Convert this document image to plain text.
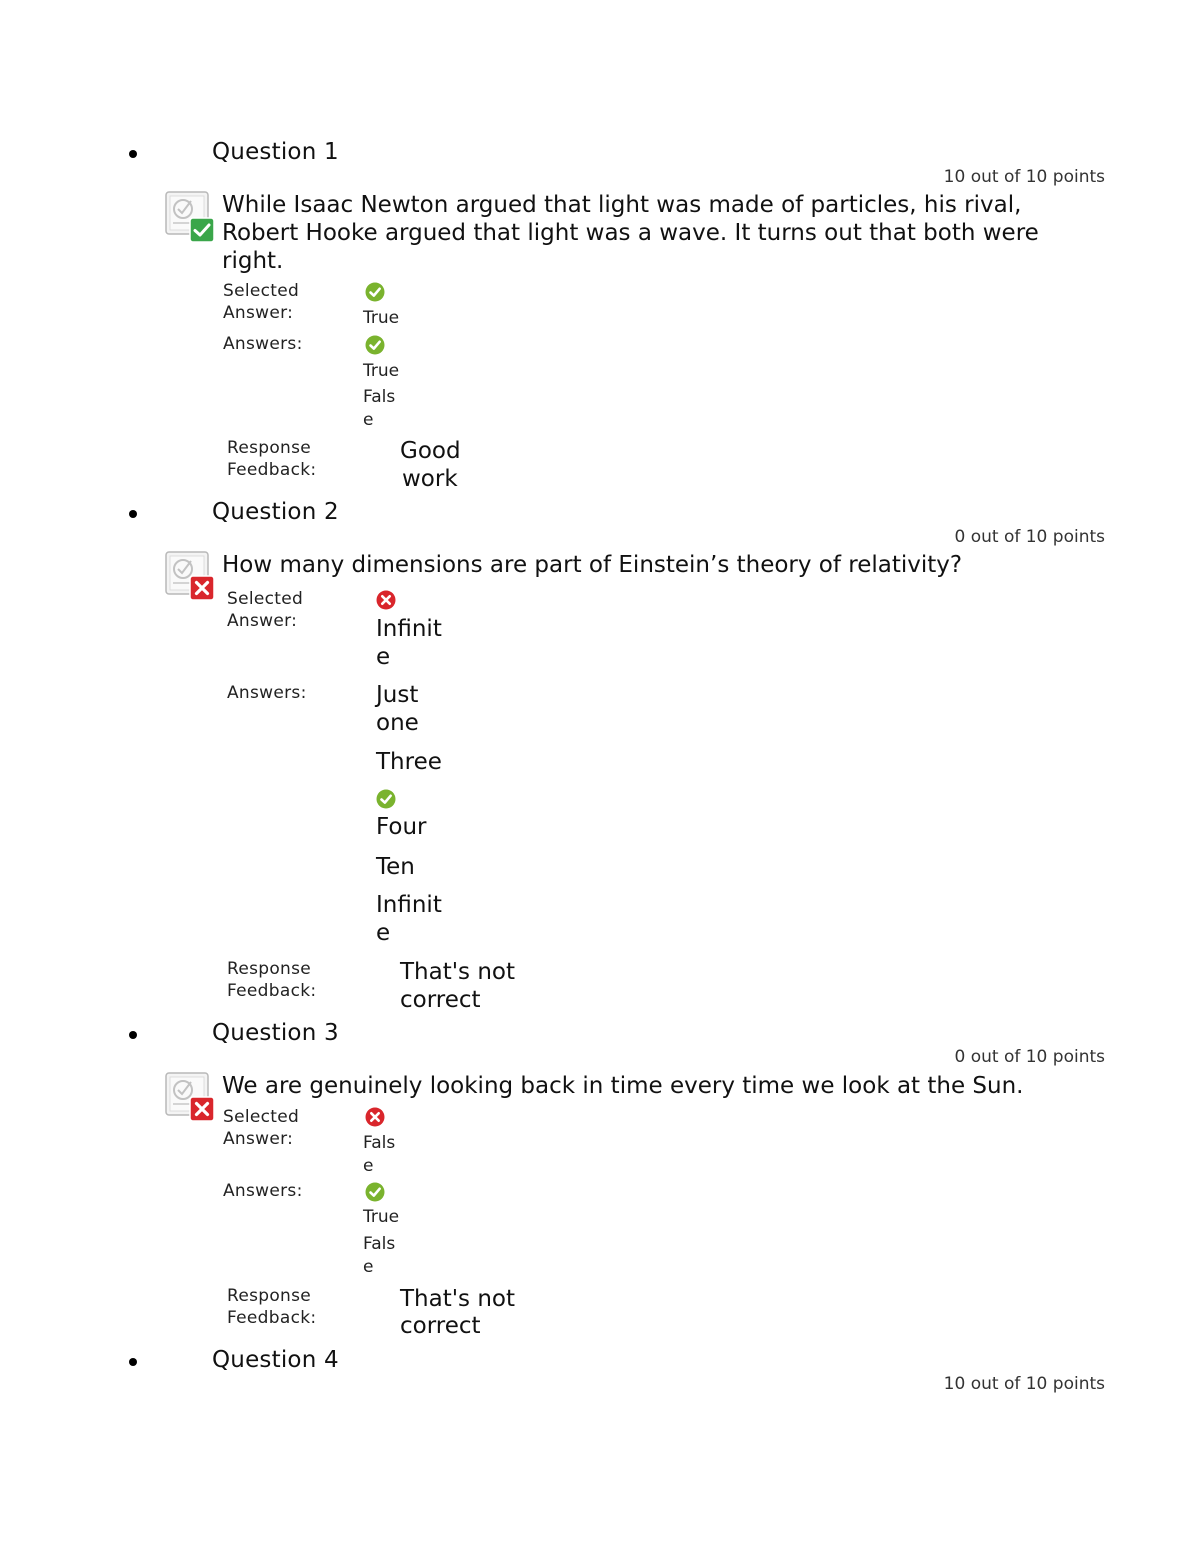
Question 1
10 out of 10 points
While Isaac Newton argued that light was made of particles, his rival, Robert Hooke argued that light was a wave. It turns out that both were right.
Selected
Answer:	True
Answers:
True
False
Response
Feedback:
Good
work
Question 2
0 out of 10 points
How many dimensions are part of Einstein’s theory of relativity?
Selected
Answer:	Infinite
Answers:	Just one
Three
Four
Ten
Infinite
Response
Feedback:
That's not
correct
Question 3
0 out of 10 points
We are genuinely looking back in time every time we look at the Sun.
Selected
Answer:	False
Answers:
True
False
Response
Feedback:
That's not
correct
Question 4
10 out of 10 points
